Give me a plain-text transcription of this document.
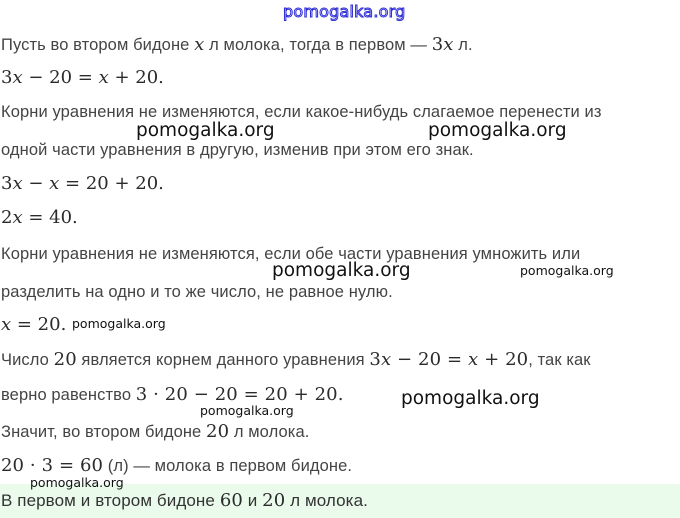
pomogalka.org
Пусть во втором бидоне x л молока, тогда в первом — 3x л.
3x − 20 = x + 20.
Корни уравнения не изменяются, если какое-нибудь слагаемое перенести из
одной части уравнения в другую, изменив при этом его знак.
3x − x = 20 + 20.
2x = 40.
Корни уравнения не изменяются, если обе части уравнения умножить или
разделить на одно и то же число, не равное нулю.
x = 20.
Число 20 является корнем данного уравнения 3x − 20 = x + 20, так как
верно равенство 3 · 20 − 20 = 20 + 20.
Значит, во втором бидоне 20 л молока.
20 · 3 = 60 (л) — молока в первом бидоне.
В первом и втором бидоне 60 и 20 л молока.
pomogalka.org	pomogalka.org
pomogalka.org	pomogalka.org
pomogalka.org
pomogalka.org
pomogalka.org
pomogalka.org
